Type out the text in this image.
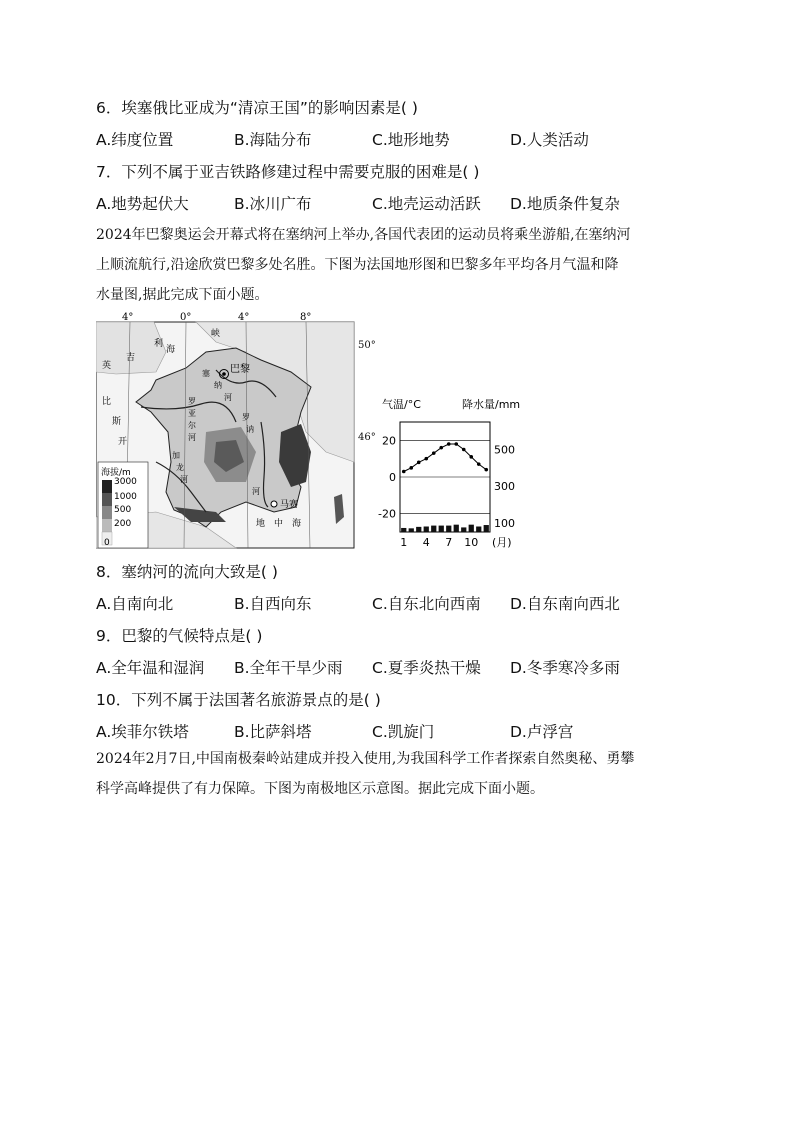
6．埃塞俄比亚成为“清凉王国”的影响因素是( )
A.纬度位置	B.海陆分布	C.地形地势	D.人类活动
7．下列不属于亚吉铁路修建过程中需要克服的困难是( )
A.地势起伏大	B.冰川广布	C.地壳运动活跃 D.地质条件复杂
2024年巴黎奥运会开幕式将在塞纳河上举办,各国代表团的运动员将乘坐游船,在塞纳河
上顺流航行,沿途欣赏巴黎多处名胜。下图为法国地形图和巴黎多年平均各月气温和降
水量图,据此完成下面小题。
4°	0°	4°	8°
巴黎
马赛
峡
利
海
英
吉
比
斯
开
地 中 海
塞
纳
河
罗
亚
尔
河
加
龙
河
罗
讷
河
海拔/m
3000
1000
500
200
0
50°
46°
气温/°C	降水量/mm
20
0
-20
500
300
100
1 4 7 10 (月)
8．塞纳河的流向大致是( )
A.自南向北	B.自西向东	C.自东北向西南 D.自东南向西北
9．巴黎的气候特点是( )
A.全年温和湿润 B.全年干旱少雨 C.夏季炎热干燥 D.冬季寒冷多雨
10．下列不属于法国著名旅游景点的是( )
A.埃菲尔铁塔	B.比萨斜塔	C.凯旋门	D.卢浮宫
2024年2月7日,中国南极秦岭站建成并投入使用,为我国科学工作者探索自然奥秘、勇攀
科学高峰提供了有力保障。下图为南极地区示意图。据此完成下面小题。
